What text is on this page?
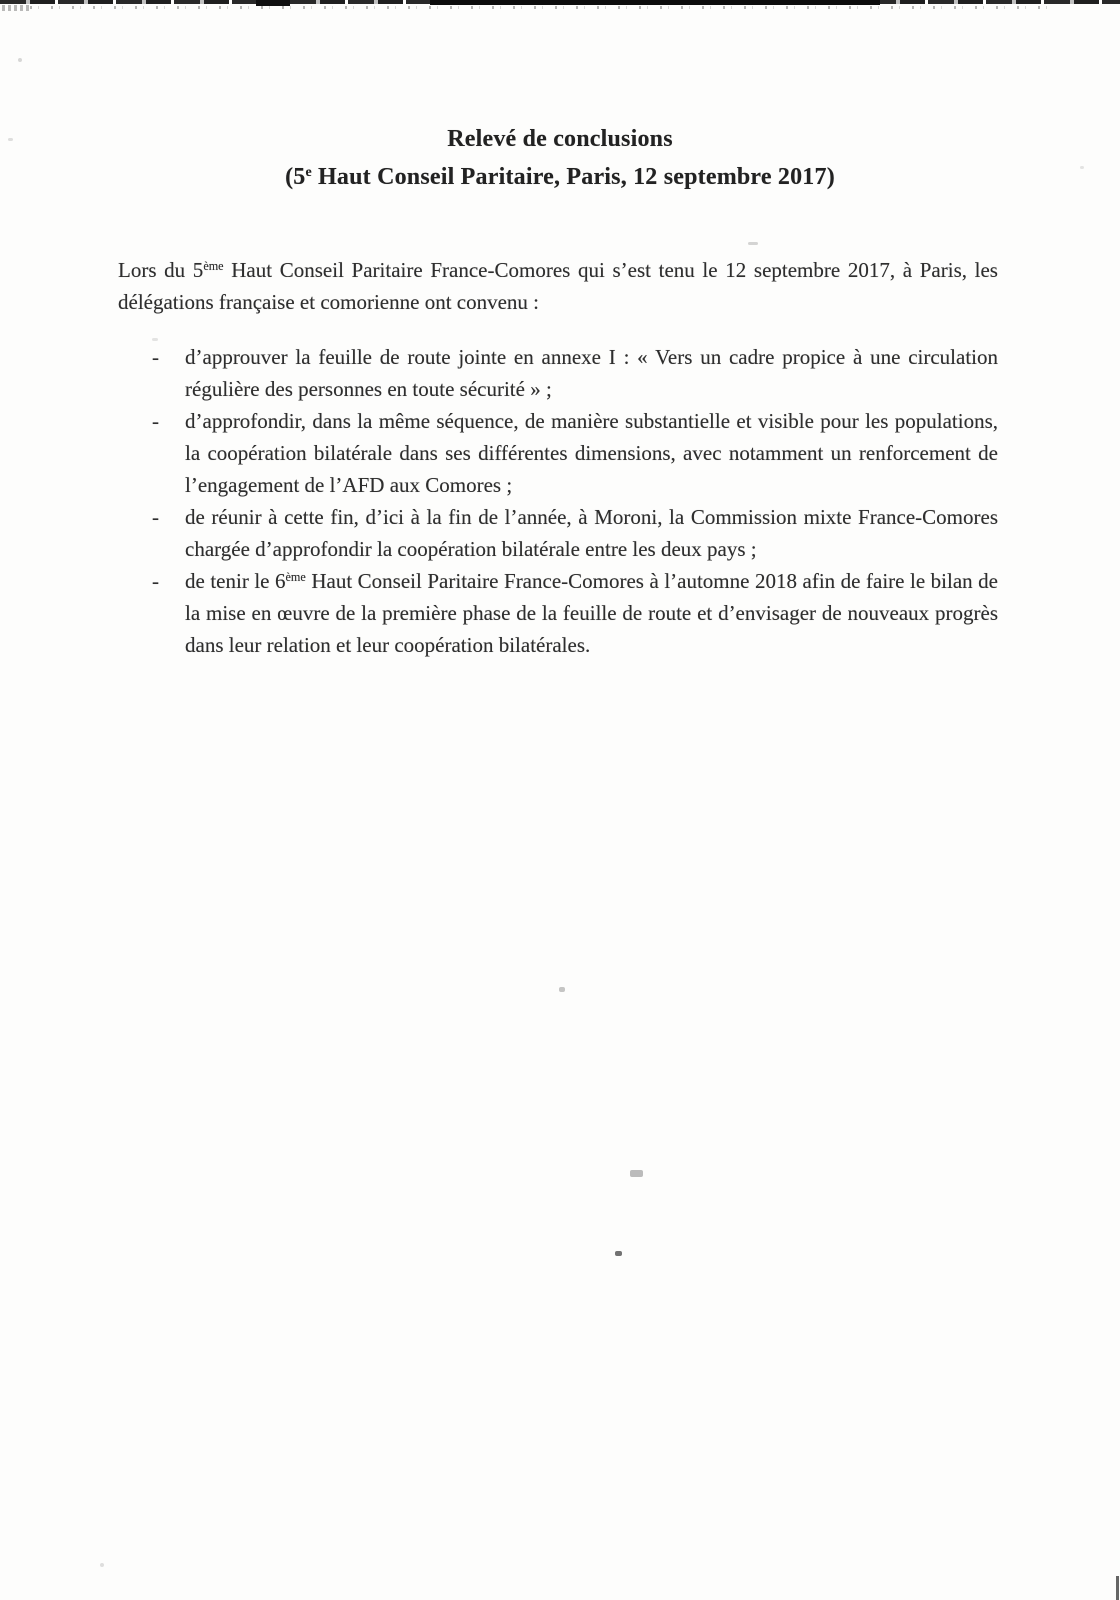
Relevé de conclusions
(5e Haut Conseil Paritaire, Paris, 12 septembre 2017)

Lors du 5ème Haut Conseil Paritaire France-Comores qui s’est tenu le 12 septembre 2017, à Paris, les délégations française et comorienne ont convenu :

- d’approuver la feuille de route jointe en annexe I : « Vers un cadre propice à une circulation régulière des personnes en toute sécurité » ;
- d’approfondir, dans la même séquence, de manière substantielle et visible pour les populations, la coopération bilatérale dans ses différentes dimensions, avec notamment un renforcement de l’engagement de l’AFD aux Comores ;
- de réunir à cette fin, d’ici à la fin de l’année, à Moroni, la Commission mixte France-Comores chargée d’approfondir la coopération bilatérale entre les deux pays ;
- de tenir le 6ème Haut Conseil Paritaire France-Comores à l’automne 2018 afin de faire le bilan de la mise en œuvre de la première phase de la feuille de route et d’envisager de nouveaux progrès dans leur relation et leur coopération bilatérales.
